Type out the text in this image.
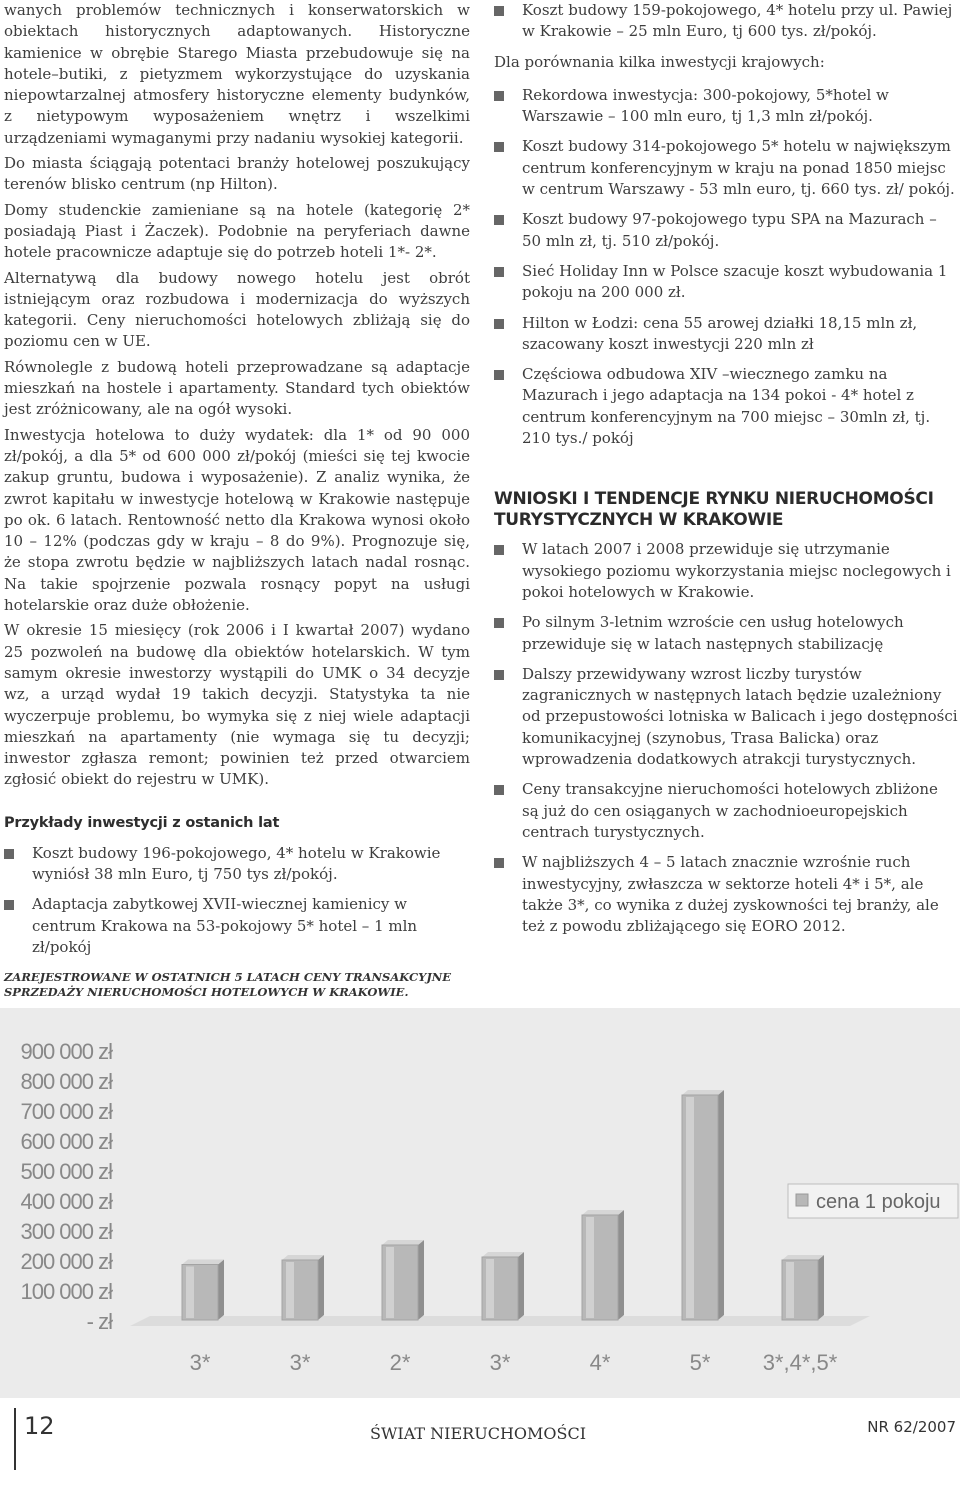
wanych problemów technicznych i konserwatorskich w obiektach historycznych adaptowanych. Historyczne kamienice w obrębie Starego Miasta przebudowuje się na hotele–butiki, z pietyzmem wykorzystujące do uzyskania niepowtarzalnej atmosfery historyczne elementy budynków, z nietypowym wyposażeniem wnętrz i wszelkimi urządzeniami wymaganymi przy nadaniu wysokiej kategorii.

Do miasta ściągają potentaci branży hotelowej poszukujący terenów blisko centrum (np Hilton).

Domy studenckie zamieniane są na hotele (kategorię 2* posiadają Piast i Żaczek). Podobnie na peryferiach dawne hotele pracownicze adaptuje się do potrzeb hoteli 1*- 2*.

Alternatywą dla budowy nowego hotelu jest obrót istniejącym oraz rozbudowa i modernizacja do wyższych kategorii. Ceny nieruchomości hotelowych zbliżają się do poziomu cen w UE.

Równolegle z budową hoteli przeprowadzane są adaptacje mieszkań na hostele i apartamenty. Standard tych obiektów jest zróżnicowany, ale na ogół wysoki.

Inwestycja hotelowa to duży wydatek: dla 1* od 90 000 zł/pokój, a dla 5* od 600 000 zł/pokój (mieści się tej kwocie zakup gruntu, budowa i wyposażenie). Z analiz wynika, że zwrot kapitału w inwestycje hotelową w Krakowie następuje po ok. 6 latach. Rentowność netto dla Krakowa wynosi około 10 – 12% (podczas gdy w kraju – 8 do 9%). Prognozuje się, że stopa zwrotu będzie w najbliższych latach nadal rosnąc. Na takie spojrzenie pozwala rosnący popyt na usługi hotelarskie oraz duże obłożenie.

W okresie 15 miesięcy (rok 2006 i I kwartał 2007) wydano 25 pozwoleń na budowę dla obiektów hotelarskich. W tym samym okresie inwestorzy wystąpili do UMK o 34 decyzje wz, a urząd wydał 19 takich decyzji. Statystyka ta nie wyczerpuje problemu, bo wymyka się z niej wiele adaptacji mieszkań na apartamenty (nie wymaga się tu decyzji; inwestor zgłasza remont; powinien też przed otwarciem zgłosić obiekt do rejestru w UMK).

Przykłady inwestycji z ostanich lat
Koszt budowy 196-pokojowego, 4* hotelu w Krakowie wyniósł 38 mln Euro, tj 750 tys zł/pokój.
Adaptacja zabytkowej XVII-wiecznej kamienicy w centrum Krakowa na 53-pokojowy 5* hotel – 1 mln zł/pokój
ZAREJESTROWANE W OSTATNICH 5 LATACH CENY TRANSAKCYJNE SPRZEDAŻY NIERUCHOMOŚCI HOTELOWYCH W KRAKOWIE.
Koszt budowy 159-pokojowego, 4* hotelu przy ul. Pawiej w Krakowie – 25 mln Euro, tj 600 tys. zł/pokój.

Dla porównania kilka inwestycji krajowych:

Rekordowa inwestycja: 300-pokojowy, 5*hotel w Warszawie – 100 mln euro, tj 1,3 mln zł/pokój.
Koszt budowy 314-pokojowego 5* hotelu w największym centrum konferencyjnym w kraju na ponad 1850 miejsc w centrum Warszawy - 53 mln euro, tj. 660 tys. zł/ pokój.
Koszt budowy 97-pokojowego typu SPA na Mazurach – 50 mln zł, tj. 510 zł/pokój.
Sieć Holiday Inn w Polsce szacuje koszt wybudowania 1 pokoju na 200 000 zł.
Hilton w Łodzi: cena 55 arowej działki 18,15 mln zł, szacowany koszt inwestycji 220 mln zł
Częściowa odbudowa XIV –wiecznego zamku na Mazurach i jego adaptacja na 134 pokoi - 4* hotel z centrum konferencyjnym na 700 miejsc – 30mln zł, tj. 210 tys./ pokój
WNIOSKI I TENDENCJE RYNKU NIERUCHOMOŚCI TURYSTYCZNYCH W KRAKOWIE
W latach 2007 i 2008 przewiduje się utrzymanie wysokiego poziomu wykorzystania miejsc noclegowych i pokoi hotelowych w Krakowie.
Po silnym 3-letnim wzroście cen usług hotelowych przewiduje się w latach następnych stabilizację
Dalszy przewidywany wzrost liczby turystów zagranicznych w następnych latach będzie uzależniony od przepustowości lotniska w Balicach i jego dostępności komunikacyjnej (szynobus, Trasa Balicka) oraz wprowadzenia dodatkowych atrakcji turystycznych.
Ceny transakcyjne nieruchomości hotelowych zbliżone są już do cen osiąganych w zachodnioeuropejskich centrach turystycznych.
W najbliższych 4 – 5 latach znacznie wzrośnie ruch inwestycyjny, zwłaszcza w sektorze hoteli 4* i 5*, ale także 3*, co wynika z dużej zyskowności tej branży, ale też z powodu zbliżającego się EORO 2012.
900 000 zł
800 000 zł
700 000 zł
600 000 zł
500 000 zł
400 000 zł
300 000 zł
200 000 zł
100 000 zł
- zł
3*	3*	2*	3*	4*	5* 3*,4*,5*
cena 1 pokoju
12	ŚWIAT NIERUCHOMOŚCI	NR 62/2007
